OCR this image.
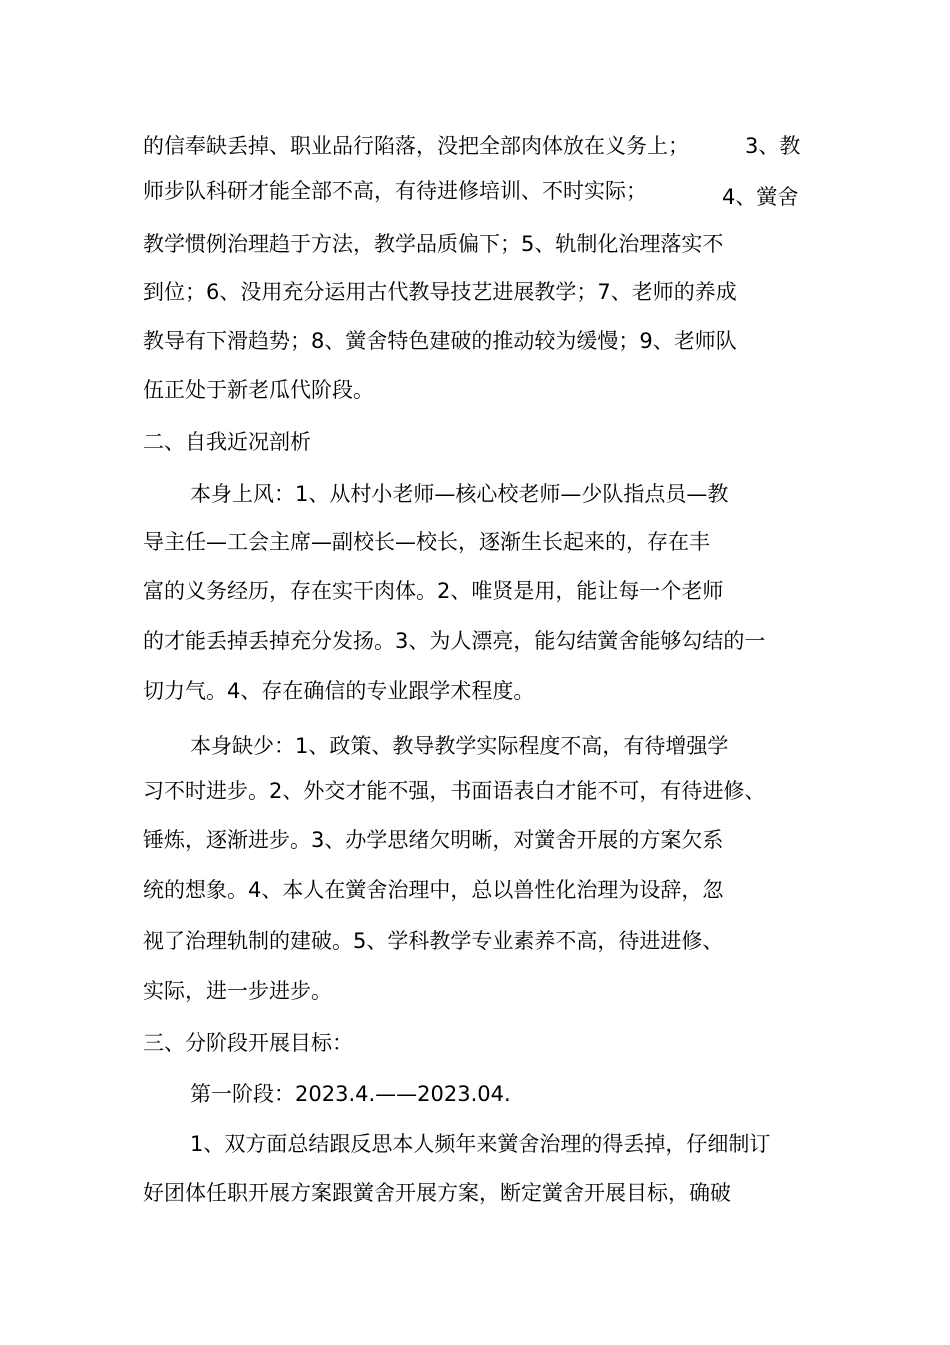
的信奉缺丢掉、职业品行陷落，没把全部肉体放在义务上；	3、教
师步队科研才能全部不高，有待进修培训、不时实际；	4、黉舍
教学惯例治理趋于方法，教学品质偏下；5、轨制化治理落实不
到位；6、没用充分运用古代教导技艺进展教学；7、老师的养成
教导有下滑趋势；8、黉舍特色建破的推动较为缓慢；9、老师队
伍正处于新老瓜代阶段。
二、自我近况剖析
本身上风：1、从村小老师—核心校老师—少队指点员—教
导主任—工会主席—副校长—校长，逐渐生长起来的，存在丰
富的义务经历，存在实干肉体。2、唯贤是用，能让每一个老师
的才能丢掉丢掉充分发扬。3、为人漂亮，能勾结黉舍能够勾结的一
切力气。4、存在确信的专业跟学术程度。
本身缺少：1、政策、教导教学实际程度不高，有待增强学
习不时进步。2、外交才能不强，书面语表白才能不可，有待进修、
锤炼，逐渐进步。3、办学思绪欠明晰，对黉舍开展的方案欠系
统的想象。4、本人在黉舍治理中，总以兽性化治理为设辞，忽
视了治理轨制的建破。5、学科教学专业素养不高，待进进修、
实际，进一步进步。
三、分阶段开展目标：
第一阶段：2023.4.——2023.04.
1、双方面总结跟反思本人频年来黉舍治理的得丢掉，仔细制订
好团体任职开展方案跟黉舍开展方案，断定黉舍开展目标，确破
